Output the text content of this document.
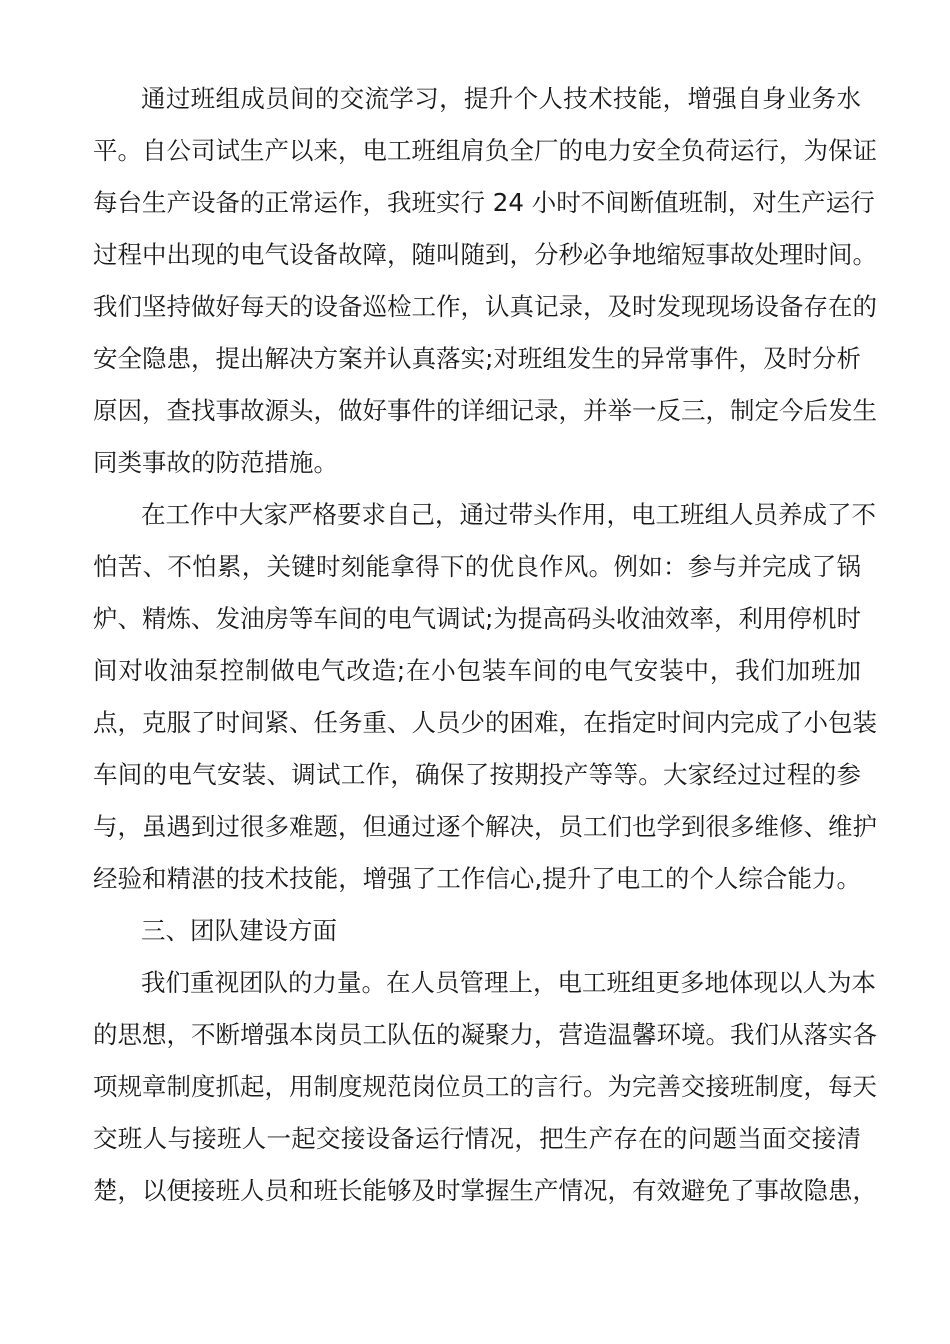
通过班组成员间的交流学习，提升个人技术技能，增强自身业务水
平。自公司试生产以来，电工班组肩负全厂的电力安全负荷运行，为保证
每台生产设备的正常运作，我班实行 24 小时不间断值班制，对生产运行
过程中出现的电气设备故障，随叫随到，分秒必争地缩短事故处理时间。
我们坚持做好每天的设备巡检工作，认真记录，及时发现现场设备存在的
安全隐患，提出解决方案并认真落实;对班组发生的异常事件，及时分析
原因，查找事故源头，做好事件的详细记录，并举一反三，制定今后发生
同类事故的防范措施。
在工作中大家严格要求自己，通过带头作用，电工班组人员养成了不
怕苦、不怕累，关键时刻能拿得下的优良作风。例如：参与并完成了锅
炉、精炼、发油房等车间的电气调试;为提高码头收油效率，利用停机时
间对收油泵控制做电气改造;在小包装车间的电气安装中，我们加班加
点，克服了时间紧、任务重、人员少的困难，在指定时间内完成了小包装
车间的电气安装、调试工作，确保了按期投产等等。大家经过过程的参
与，虽遇到过很多难题，但通过逐个解决，员工们也学到很多维修、维护
经验和精湛的技术技能，增强了工作信心,提升了电工的个人综合能力。
三、团队建设方面
我们重视团队的力量。在人员管理上，电工班组更多地体现以人为本
的思想，不断增强本岗员工队伍的凝聚力，营造温馨环境。我们从落实各
项规章制度抓起，用制度规范岗位员工的言行。为完善交接班制度，每天
交班人与接班人一起交接设备运行情况，把生产存在的问题当面交接清
楚，以便接班人员和班长能够及时掌握生产情况，有效避免了事故隐患，
